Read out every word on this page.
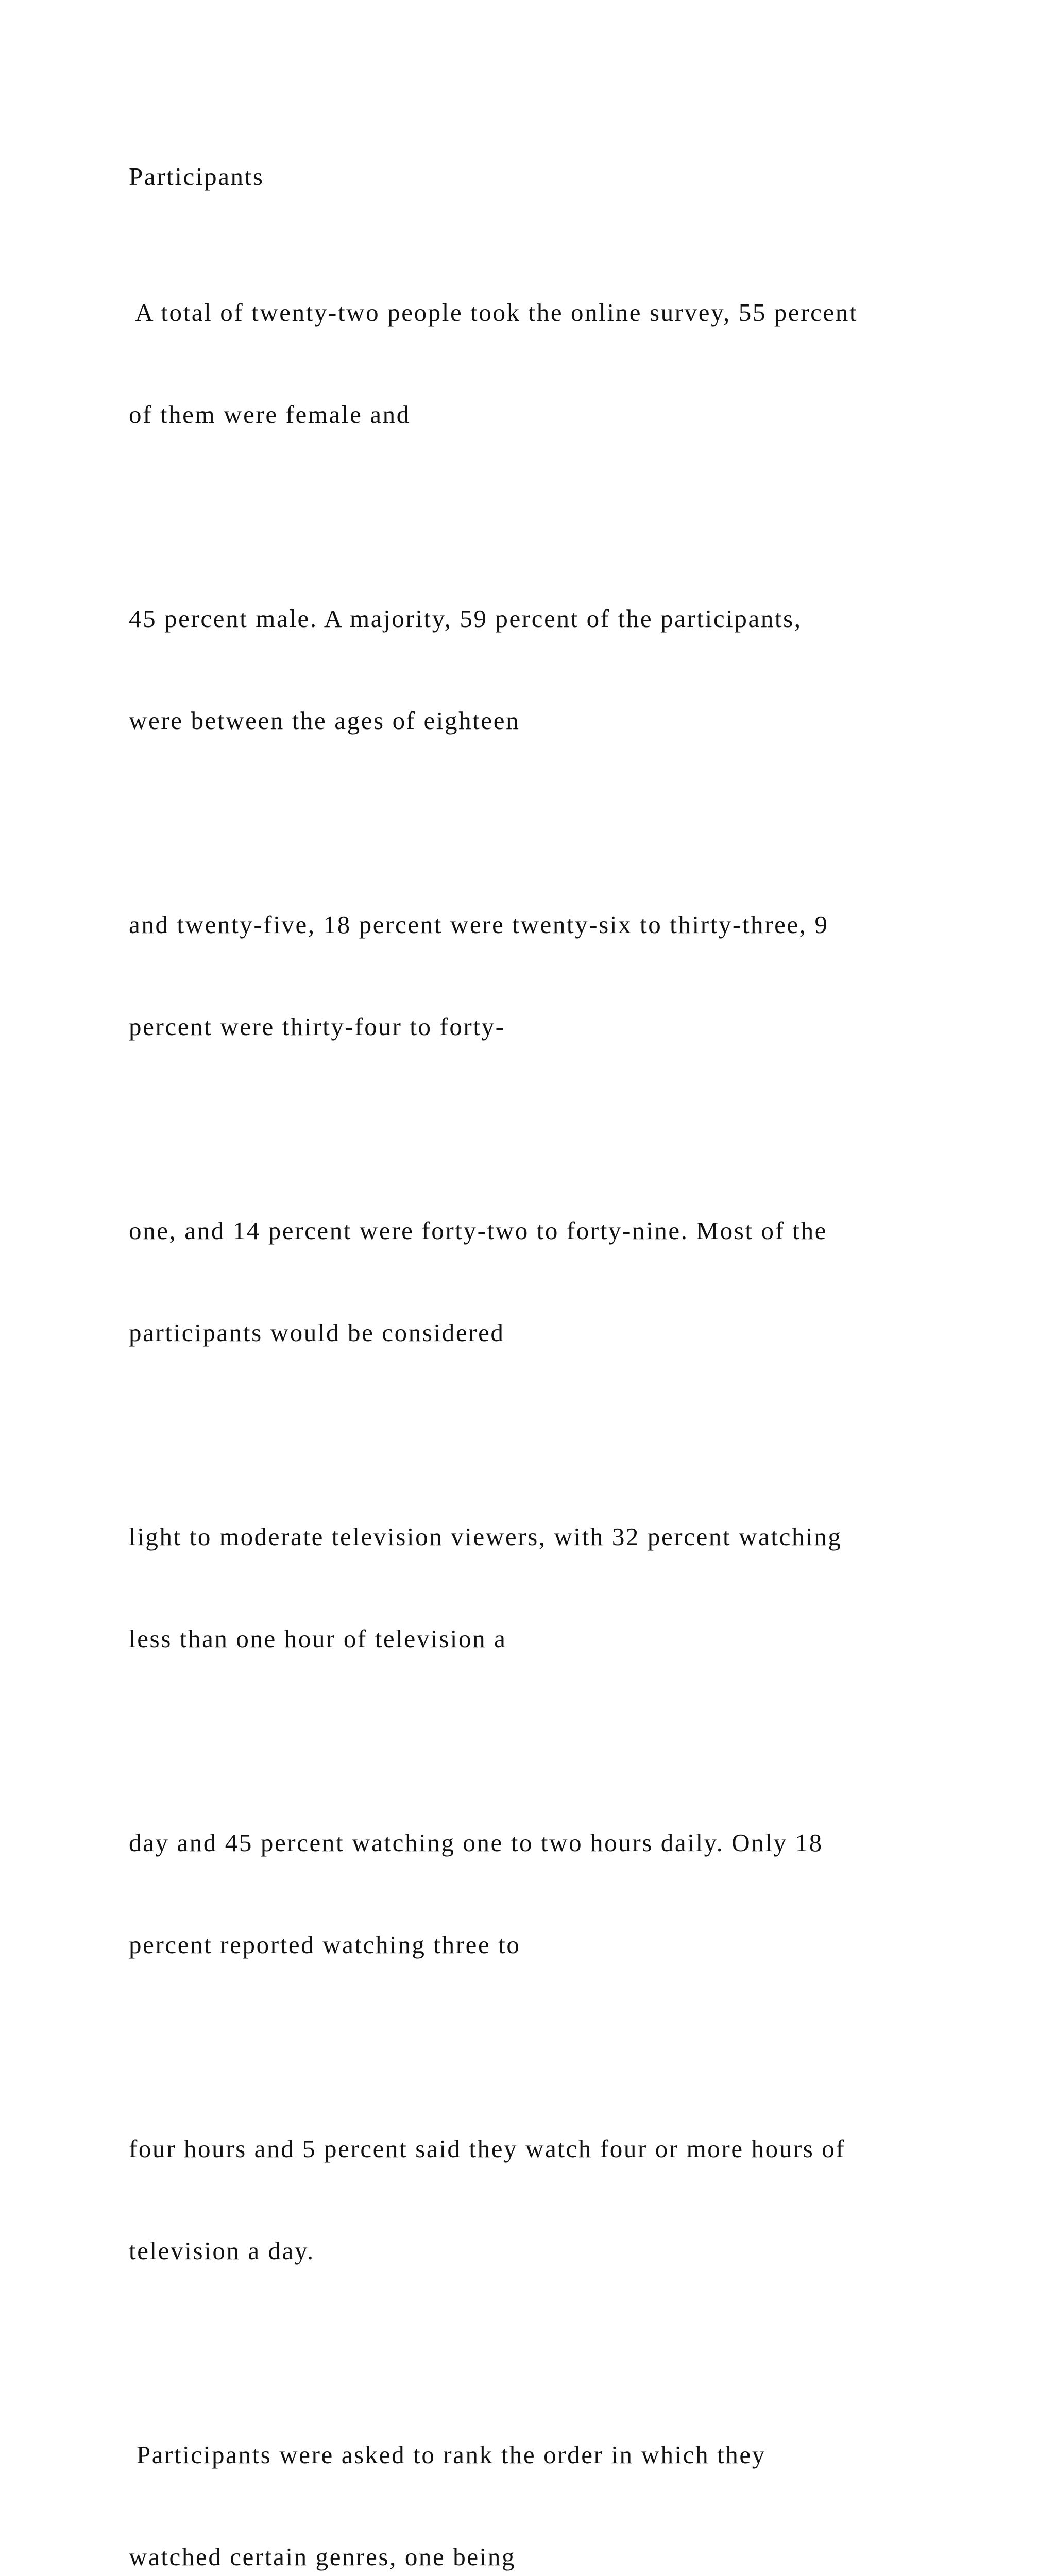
Participants

A total of twenty-two people took the online survey, 55 percent

of them were female and

45 percent male. A majority, 59 percent of the participants,

were between the ages of eighteen

and twenty-five, 18 percent were twenty-six to thirty-three, 9

percent were thirty-four to forty-

one, and 14 percent were forty-two to forty-nine. Most of the

participants would be considered

light to moderate television viewers, with 32 percent watching

less than one hour of television a

day and 45 percent watching one to two hours daily. Only 18

percent reported watching three to

four hours and 5 percent said they watch four or more hours of

television a day.

Participants were asked to rank the order in which they

watched certain genres, one being
